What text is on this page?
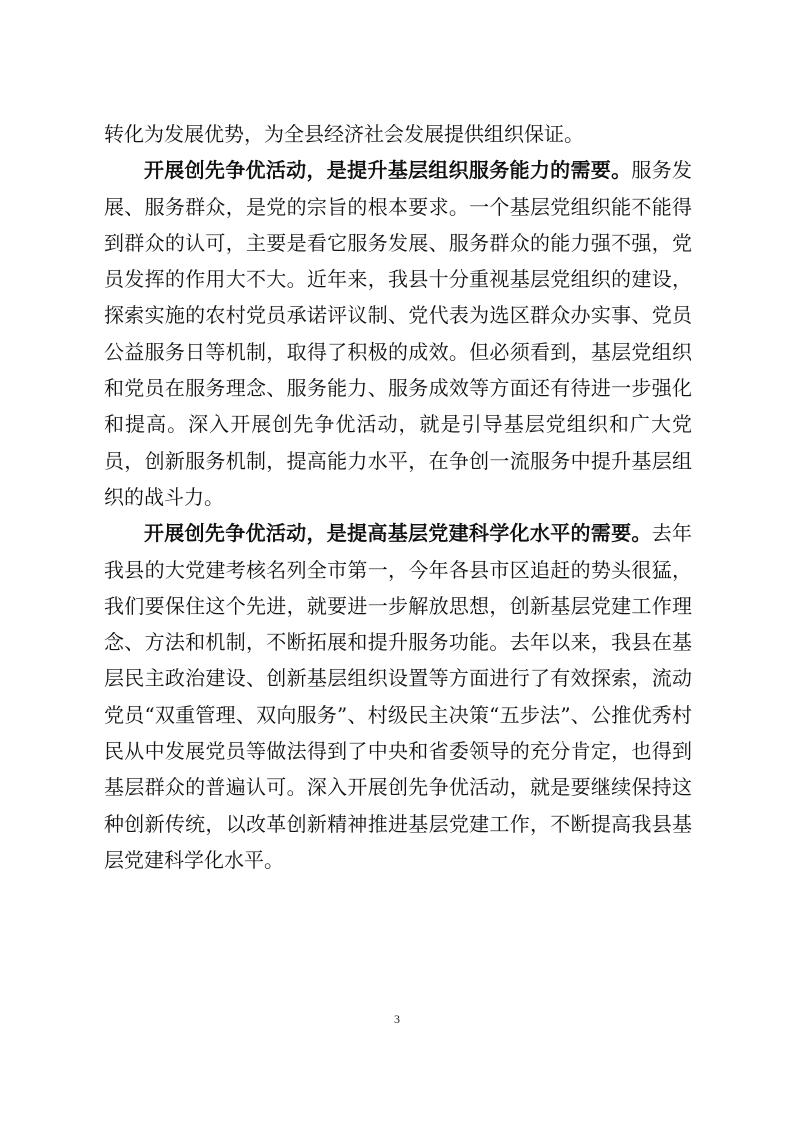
转化为发展优势，为全县经济社会发展提供组织保证。

开展创先争优活动，是提升基层组织服务能力的需要。服务发展、服务群众，是党的宗旨的根本要求。一个基层党组织能不能得到群众的认可，主要是看它服务发展、服务群众的能力强不强，党员发挥的作用大不大。近年来，我县十分重视基层党组织的建设，探索实施的农村党员承诺评议制、党代表为选区群众办实事、党员公益服务日等机制，取得了积极的成效。但必须看到，基层党组织和党员在服务理念、服务能力、服务成效等方面还有待进一步强化和提高。深入开展创先争优活动，就是引导基层党组织和广大党员，创新服务机制，提高能力水平，在争创一流服务中提升基层组织的战斗力。

开展创先争优活动，是提高基层党建科学化水平的需要。去年我县的大党建考核名列全市第一，今年各县市区追赶的势头很猛，我们要保住这个先进，就要进一步解放思想，创新基层党建工作理念、方法和机制，不断拓展和提升服务功能。去年以来，我县在基层民主政治建设、创新基层组织设置等方面进行了有效探索，流动党员“双重管理、双向服务”、村级民主决策“五步法”、公推优秀村民从中发展党员等做法得到了中央和省委领导的充分肯定，也得到基层群众的普遍认可。深入开展创先争优活动，就是要继续保持这种创新传统，以改革创新精神推进基层党建工作，不断提高我县基层党建科学化水平。

3
